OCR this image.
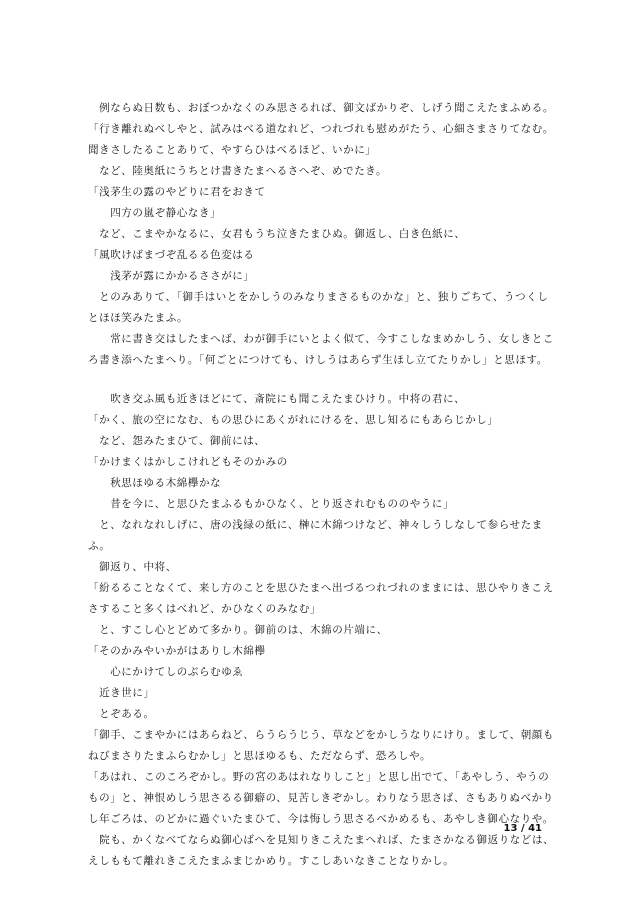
　例ならぬ日数も、おぼつかなくのみ思さるれば、御文ばかりぞ、しげう聞こえたまふめる。

「行き離れぬべしやと、試みはべる道なれど、つれづれも慰めがたう、心細さまさりてなむ。聞きさしたることありて、やすらひはべるほど、いかに」

　など、陸奥紙にうちとけ書きたまへるさへぞ、めでたき。

「浅茅生の露のやどりに君をおきて

　　四方の嵐ぞ静心なき」

　など、こまやかなるに、女君もうち泣きたまひぬ。御返し、白き色紙に、

「風吹けばまづぞ乱るる色変はる

　　浅茅が露にかかるささがに」

　とのみありて、「御手はいとをかしうのみなりまさるものかな」と、独りごちて、うつくしとほほ笑みたまふ。

　　常に書き交はしたまへば、わが御手にいとよく似て、今すこしなまめかしう、女しきところ書き添へたまへり。「何ごとにつけても、けしうはあらず生ほし立てたりかし」と思ほす。

　　吹き交ふ風も近きほどにて、斎院にも聞こえたまひけり。中将の君に、

「かく、旅の空になむ、もの思ひにあくがれにけるを、思し知るにもあらじかし」

　など、怨みたまひて、御前には、

「かけまくはかしこけれどもそのかみの

　　秋思ほゆる木綿欅かな

　　昔を今に、と思ひたまふるもかひなく、とり返されむもののやうに」

　と、なれなれしげに、唐の浅緑の紙に、榊に木綿つけなど、神々しうしなして参らせたまふ。

　御返り、中将、

「紛るることなくて、来し方のことを思ひたまへ出づるつれづれのままには、思ひやりきこえさすること多くはべれど、かひなくのみなむ」

　と、すこし心とどめて多かり。御前のは、木綿の片端に、

「そのかみやいかがはありし木綿欅

　　心にかけてしのぶらむゆゑ

　近き世に」

　とぞある。

「御手、こまやかにはあらねど、らうらうじう、草などをかしうなりにけり。まして、朝顔もねびまさりたまふらむかし」と思ほゆるも、ただならず、恐ろしや。

「あはれ、このころぞかし。野の宮のあはれなりしこと」と思し出でて、「あやしう、やうのもの」と、神恨めしう思さるる御癖の、見苦しきぞかし。わりなう思さば、さもありぬべかりし年ごろは、のどかに過ぐいたまひて、今は悔しう思さるべかめるも、あやしき御心なりや。

　院も、かくなべてならぬ御心ばへを見知りきこえたまへれば、たまさかなる御返りなどは、えしももて離れきこえたまふまじかめり。すこしあいなきことなりかし。

13 / 41
